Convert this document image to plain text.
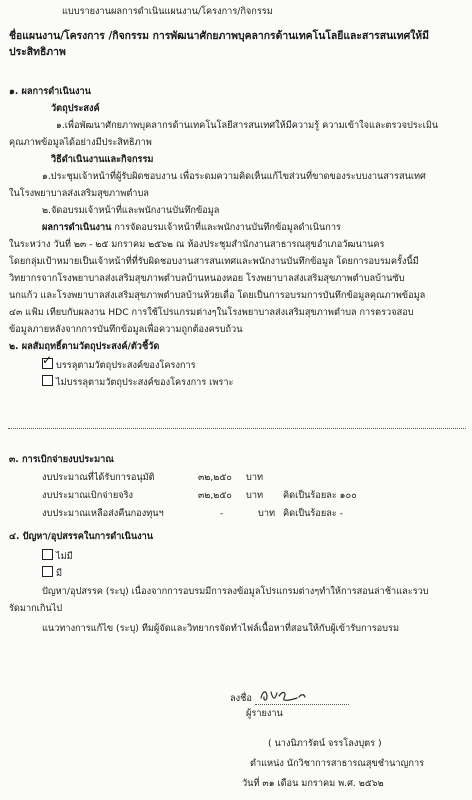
แบบรายงานผลการดำเนินแผนงาน/โครงการ/กิจกรรม
ชื่อแผนงาน/โครงการ /กิจกรรม การพัฒนาศักยภาพบุคลากรด้านเทคโนโลยีและสารสนเทศให้มี
ประสิทธิภาพ
๑. ผลการดำเนินงาน
วัตถุประสงค์
๑.เพื่อพัฒนาศักยภาพบุคลากรด้านเทคโนโลยีสารสนเทศให้มีความรู้ ความเข้าใจและตรวจประเมิน
คุณภาพข้อมูลได้อย่างมีประสิทธิภาพ
วิธีดำเนินงานและกิจกรรม
๑.ประชุมเจ้าหน้าที่ผู้รับผิดชอบงาน เพื่อระดมความคิดเห็นแก้ไขส่วนที่ขาดของระบบงานสารสนเทศ
ในโรงพยาบาลส่งเสริมสุขภาพตำบล
๒.จัดอบรมเจ้าหน้าที่และพนักงานบันทึกข้อมูล
ผลการดำเนินงาน การจัดอบรมเจ้าหน้าที่และพนักงานบันทึกข้อมูลดำเนินการ
ในระหว่าง วันที่ ๒๓ - ๒๕ มกราคม ๒๕๖๒ ณ ห้องประชุมสำนักงานสาธารณสุขอำเภอวัฒนานคร
โดยกลุ่มเป้าหมายเป็นเจ้าหน้าที่ที่รับผิดชอบงานสารสนเทศและพนักงานบันทึกข้อมูล โดยการอบรมครั้งนี้มี
วิทยากรจากโรงพยาบาลส่งเสริมสุขภาพตำบลบ้านหนองหอย โรงพยาบาลส่งเสริมสุขภาพตำบลบ้านซับ
นกแก้ว และโรงพยาบาลส่งเสริมสุขภาพตำบลบ้านห้วยเดื่อ โดยเป็นการอบรมการบันทึกข้อมูลคุณภาพข้อมูล
๔๓ แฟ้ม เทียบกับผลงาน HDC การใช้โปรแกรมต่างๆในโรงพยาบาลส่งเสริมสุขภาพตำบล การตรวจสอบ
ข้อมูลภายหลังจากการบันทึกข้อมูลเพื่อความถูกต้องครบถ้วน
๒. ผลสัมฤทธิ์ตามวัตถุประสงค์/ตัวชี้วัด
✓ บรรลุตามวัตถุประสงค์ของโครงการ
ไม่บรรลุตามวัตถุประสงค์ของโครงการ เพราะ
๓. การเบิกจ่ายงบประมาณ
งบประมาณที่ได้รับการอนุมัติ	๓๒,๒๕๐ บาท
งบประมาณเบิกจ่ายจริง	๓๒,๒๕๐ บาท คิดเป็นร้อยละ ๑๐๐
งบประมาณเหลือส่งคืนกองทุนฯ	-	บาท คิดเป็นร้อยละ -
๔. ปัญหา/อุปสรรคในการดำเนินงาน
ไม่มี
มี
ปัญหา/อุปสรรค (ระบุ) เนื่องจากการอบรมมีการลงข้อมูลโปรแกรมต่างๆทำให้การสอนล่าช้าและรวบ
รัดมากเกินไป
แนวทางการแก้ไข (ระบุ) ทีมผู้จัดและวิทยากรจัดทำไฟล์เนื้อหาที่สอนให้กับผู้เข้ารับการอบรม
ลงชื่อ
ผู้รายงาน
( นางนิภารัตน์ จรรโลงบุตร )
ตำแหน่ง นักวิชาการสาธารณสุขชำนาญการ
วันที่ ๓๑ เดือน มกราคม พ.ศ. ๒๕๖๒
